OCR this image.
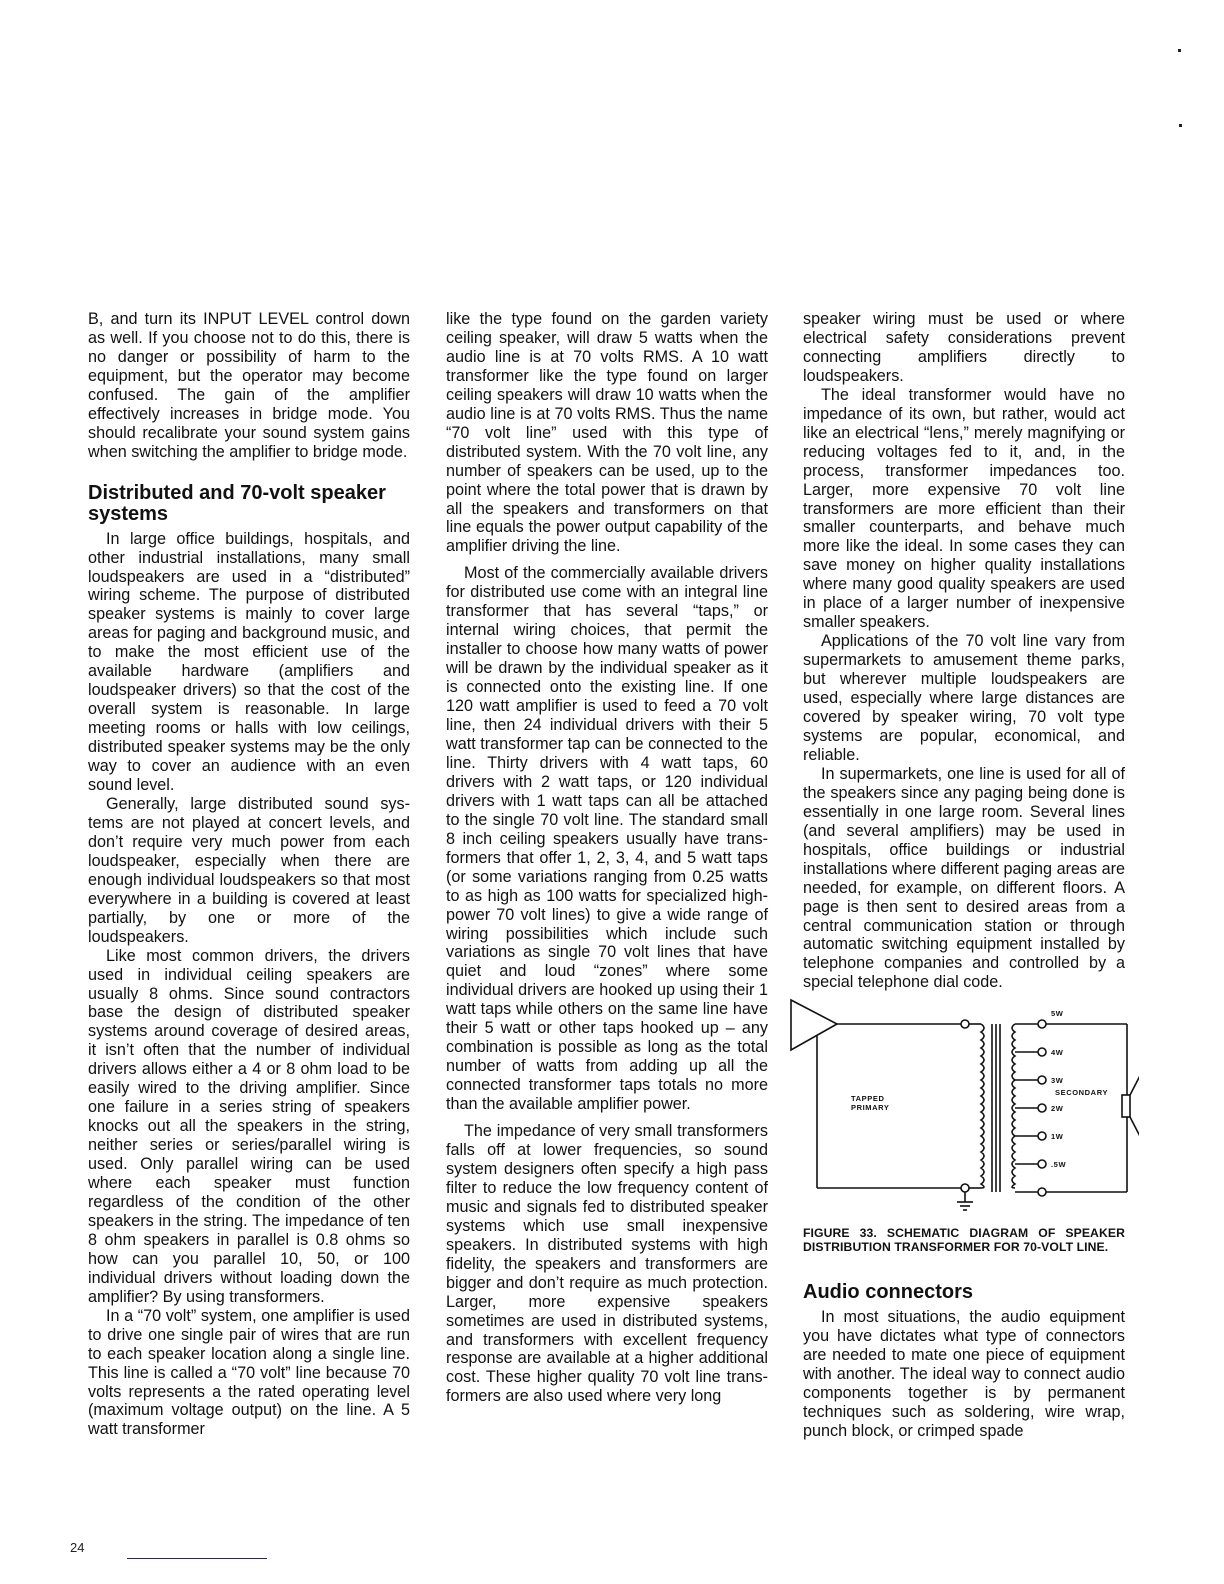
B, and turn its INPUT LEVEL control down as well. If you choose not to do this, there is no danger or possibility of harm to the equipment, but the operator may become confused. The gain of the amplifier effectively increases in bridge mode. You should recalibrate your sound system gains when switching the amplifier to bridge mode.

Distributed and 70-volt speaker systems

In large office buildings, hospitals, and other industrial installations, many small loudspeakers are used in a “distributed” wiring scheme. The purpose of distributed speaker systems is mainly to cover large areas for paging and background music, and to make the most efficient use of the available hardware (amplifiers and loudspeaker drivers) so that the cost of the overall system is reasonable. In large meeting rooms or halls with low ceilings, distributed speaker systems may be the only way to cover an audience with an even sound level.

Generally, large distributed sound systems are not played at concert levels, and don’t require very much power from each loudspeaker, especially when there are enough individual loudspeakers so that most everywhere in a building is covered at least partially, by one or more of the loudspeakers.

Like most common drivers, the drivers used in individual ceiling speakers are usually 8 ohms. Since sound contractors base the design of distributed speaker systems around coverage of desired areas, it isn’t often that the number of individual drivers allows either a 4 or 8 ohm load to be easily wired to the driving amplifier. Since one failure in a series string of speakers knocks out all the speakers in the string, neither series or series/parallel wiring is used. Only parallel wiring can be used where each speaker must function regardless of the condition of the other speakers in the string. The impedance of ten 8 ohm speakers in parallel is 0.8 ohms so how can you parallel 10, 50, or 100 individual drivers without loading down the amplifier? By using transformers.

In a “70 volt” system, one amplifier is used to drive one single pair of wires that are run to each speaker location along a single line. This line is called a “70 volt” line because 70 volts represents a the rated operating level (maximum voltage output) on the line. A 5 watt transformer

like the type found on the garden variety ceiling speaker, will draw 5 watts when the audio line is at 70 volts RMS. A 10 watt transformer like the type found on larger ceiling speakers will draw 10 watts when the audio line is at 70 volts RMS. Thus the name “70 volt line” used with this type of distributed system. With the 70 volt line, any number of speakers can be used, up to the point where the total power that is drawn by all the speakers and transformers on that line equals the power output capability of the amplifier driving the line.

Most of the commercially available drivers for distributed use come with an integral line transformer that has several “taps,” or internal wiring choices, that permit the installer to choose how many watts of power will be drawn by the individual speaker as it is connected onto the existing line. If one 120 watt amplifier is used to feed a 70 volt line, then 24 individual drivers with their 5 watt transformer tap can be connected to the line. Thirty drivers with 4 watt taps, 60 drivers with 2 watt taps, or 120 individual drivers with 1 watt taps can all be attached to the single 70 volt line. The standard small 8 inch ceiling speakers usually have transformers that offer 1, 2, 3, 4, and 5 watt taps (or some variations ranging from 0.25 watts to as high as 100 watts for specialized high-power 70 volt lines) to give a wide range of wiring possibilities which include such variations as single 70 volt lines that have quiet and loud “zones” where some individual drivers are hooked up using their 1 watt taps while others on the same line have their 5 watt or other taps hooked up – any combination is possible as long as the total number of watts from adding up all the connected transformer taps totals no more than the available amplifier power.

The impedance of very small transformers falls off at lower frequencies, so sound system designers often specify a high pass filter to reduce the low frequency content of music and signals fed to distributed speaker systems which use small inexpensive speakers. In distributed systems with high fidelity, the speakers and transformers are bigger and don’t require as much protection. Larger, more expensive speakers sometimes are used in distributed systems, and transformers with excellent frequency response are available at a higher additional cost. These higher quality 70 volt line transformers are also used where very long

speaker wiring must be used or where electrical safety considerations prevent connecting amplifiers directly to loudspeakers.

The ideal transformer would have no impedance of its own, but rather, would act like an electrical “lens,” merely magnifying or reducing voltages fed to it, and, in the process, transformer impedances too. Larger, more expensive 70 volt line transformers are more efficient than their smaller counterparts, and behave much more like the ideal. In some cases they can save money on higher quality installations where many good quality speakers are used in place of a larger number of inexpensive smaller speakers.

Applications of the 70 volt line vary from supermarkets to amusement theme parks, but wherever multiple loudspeakers are used, especially where large distances are covered by speaker wiring, 70 volt type systems are popular, economical, and reliable.

In supermarkets, one line is used for all of the speakers since any paging being done is essentially in one large room. Several lines (and several amplifiers) may be used in hospitals, office buildings or industrial installations where different paging areas are needed, for example, on different floors. A page is then sent to desired areas from a central communication station or through automatic switching equipment installed by telephone companies and controlled by a special telephone dial code.

TAPPED
PRIMARY
5W
4W
3W
SECONDARY
2W
1W
.5W
FIGURE 33. SCHEMATIC DIAGRAM OF SPEAKER DISTRIBUTION TRANSFORMER FOR 70-VOLT LINE.
Audio connectors

In most situations, the audio equipment you have dictates what type of connectors are needed to mate one piece of equipment with another. The ideal way to connect audio components together is by permanent techniques such as soldering, wire wrap, punch block, or crimped spade

24
